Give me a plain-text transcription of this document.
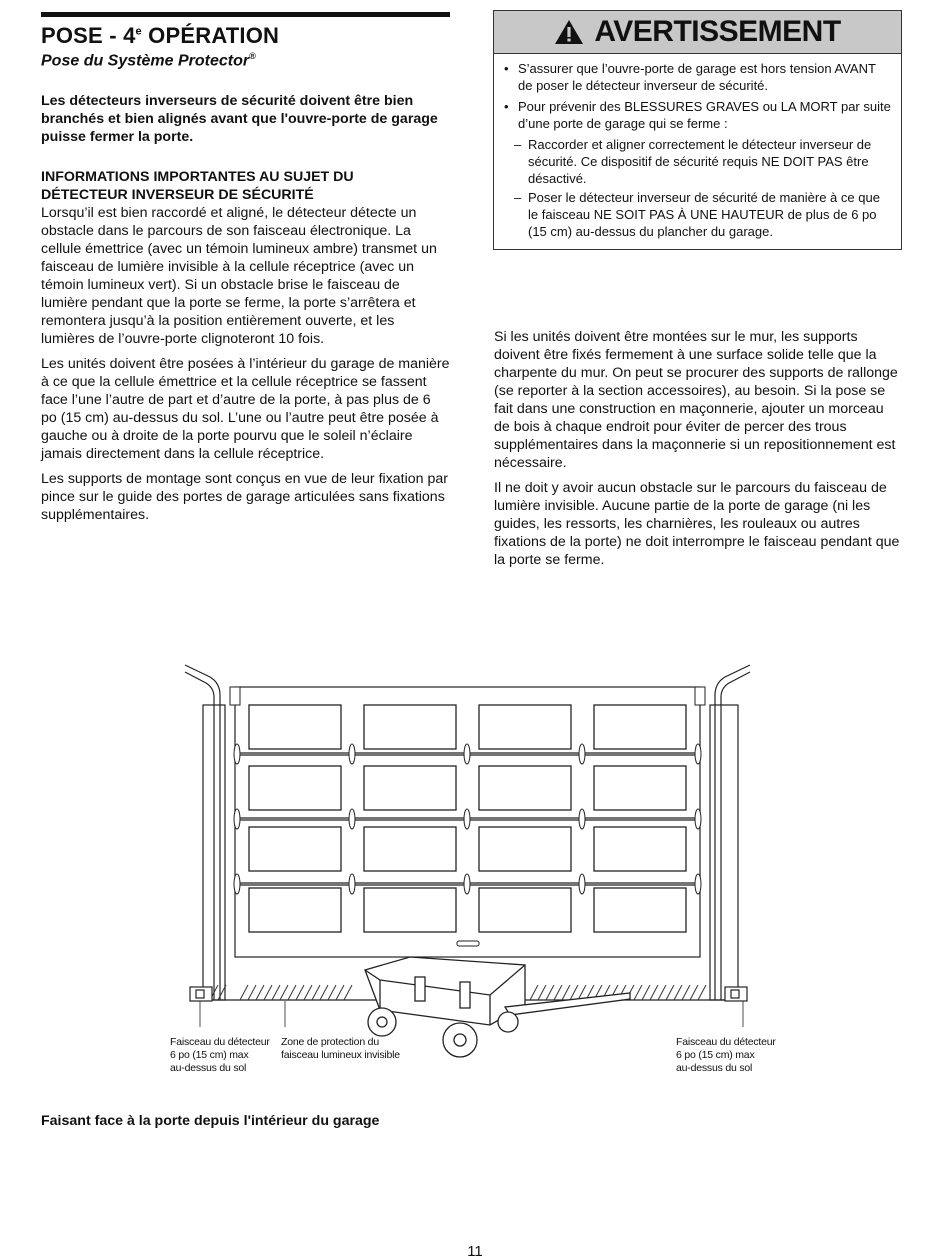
POSE - 4e OPÉRATION
Pose du Système Protector®
Les détecteurs inverseurs de sécurité doivent être bien branchés et bien alignés avant que l'ouvre-porte de garage puisse fermer la porte.
INFORMATIONS IMPORTANTES AU SUJET DU
DÉTECTEUR INVERSEUR DE SÉCURITÉ

Lorsqu’il est bien raccordé et aligné, le détecteur détecte un obstacle dans le parcours de son faisceau électronique. La cellule émettrice (avec un témoin lumineux ambre) transmet un faisceau de lumière invisible à la cellule réceptrice (avec un témoin lumineux vert). Si un obstacle brise le faisceau de lumière pendant que la porte se ferme, la porte s’arrêtera et remontera jusqu’à la position entièrement ouverte, et les lumières de l’ouvre-porte clignoteront 10 fois.

Les unités doivent être posées à l’intérieur du garage de manière à ce que la cellule émettrice et la cellule réceptrice se fassent face l’une l’autre de part et d’autre de la porte, à pas plus de 6 po (15 cm) au-dessus du sol. L’une ou l’autre peut être posée à gauche ou à droite de la porte pourvu que le soleil n’éclaire jamais directement dans la cellule réceptrice.

Les supports de montage sont conçus en vue de leur fixation par pince sur le guide des portes de garage articulées sans fixations supplémentaires.

AVERTISSEMENT
• S’assurer que l’ouvre-porte de garage est hors tension AVANT de poser le détecteur inverseur de sécurité.
• Pour prévenir des BLESSURES GRAVES ou LA MORT par suite d’une porte de garage qui se ferme :
– Raccorder et aligner correctement le détecteur inverseur de sécurité. Ce dispositif de sécurité requis NE DOIT PAS être désactivé.
– Poser le détecteur inverseur de sécurité de manière à ce que le faisceau NE SOIT PAS À UNE HAUTEUR de plus de 6 po (15 cm) au-dessus du plancher du garage.

Si les unités doivent être montées sur le mur, les supports doivent être fixés fermement à une surface solide telle que la charpente du mur. On peut se procurer des supports de rallonge (se reporter à la section accessoires), au besoin. Si la pose se fait dans une construction en maçonnerie, ajouter un morceau de bois à chaque endroit pour éviter de percer des trous supplémentaires dans la maçonnerie si un repositionnement est nécessaire.

Il ne doit y avoir aucun obstacle sur le parcours du faisceau de lumière invisible. Aucune partie de la porte de garage (ni les guides, les ressorts, les charnières, les rouleaux ou autres fixations de la porte) ne doit interrompre le faisceau pendant que la porte se ferme.

Faisceau du détecteur
6 po (15 cm) max
au-dessus du sol
Zone de protection du
faisceau lumineux invisible
Faisceau du détecteur
6 po (15 cm) max
au-dessus du sol
Faisant face à la porte depuis l'intérieur du garage
11
